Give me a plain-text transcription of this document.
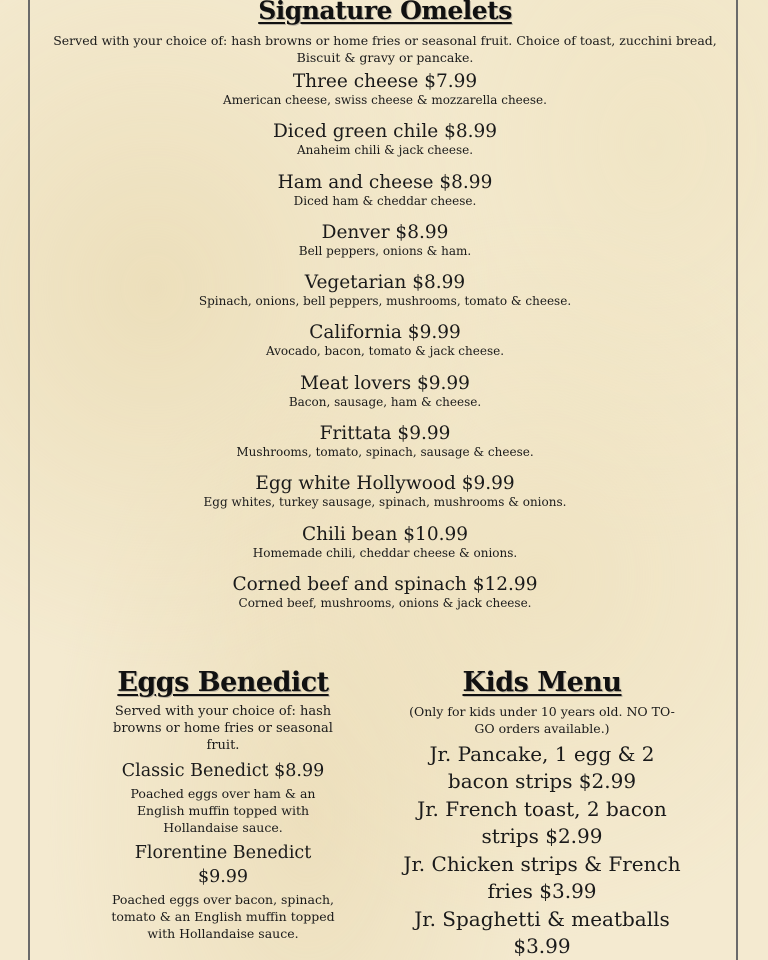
Signature Omelets

Served with your choice of: hash browns or home fries or seasonal fruit. Choice of toast, zucchini bread, Biscuit & gravy or pancake.

Three cheese $7.99
American cheese, swiss cheese & mozzarella cheese.
Diced green chile $8.99
Anaheim chili & jack cheese.
Ham and cheese $8.99
Diced ham & cheddar cheese.
Denver $8.99
Bell peppers, onions & ham.
Vegetarian $8.99
Spinach, onions, bell peppers, mushrooms, tomato & cheese.
California $9.99
Avocado, bacon, tomato & jack cheese.
Meat lovers $9.99
Bacon, sausage, ham & cheese.
Frittata $9.99
Mushrooms, tomato, spinach, sausage & cheese.
Egg white Hollywood $9.99
Egg whites, turkey sausage, spinach, mushrooms & onions.
Chili bean $10.99
Homemade chili, cheddar cheese & onions.
Corned beef and spinach $12.99
Corned beef, mushrooms, onions & jack cheese.
Eggs Benedict

Served with your choice of: hash browns or home fries or seasonal fruit.

Classic Benedict $8.99
Poached eggs over ham & an English muffin topped with Hollandaise sauce.
Florentine Benedict $9.99
Poached eggs over bacon, spinach, tomato & an English muffin topped with Hollandaise sauce.
Kids Menu

(Only for kids under 10 years old. NO TO-GO orders available.)

Jr. Pancake, 1 egg & 2 bacon strips $2.99
Jr. French toast, 2 bacon strips $2.99
Jr. Chicken strips & French fries $3.99
Jr. Spaghetti & meatballs $3.99
